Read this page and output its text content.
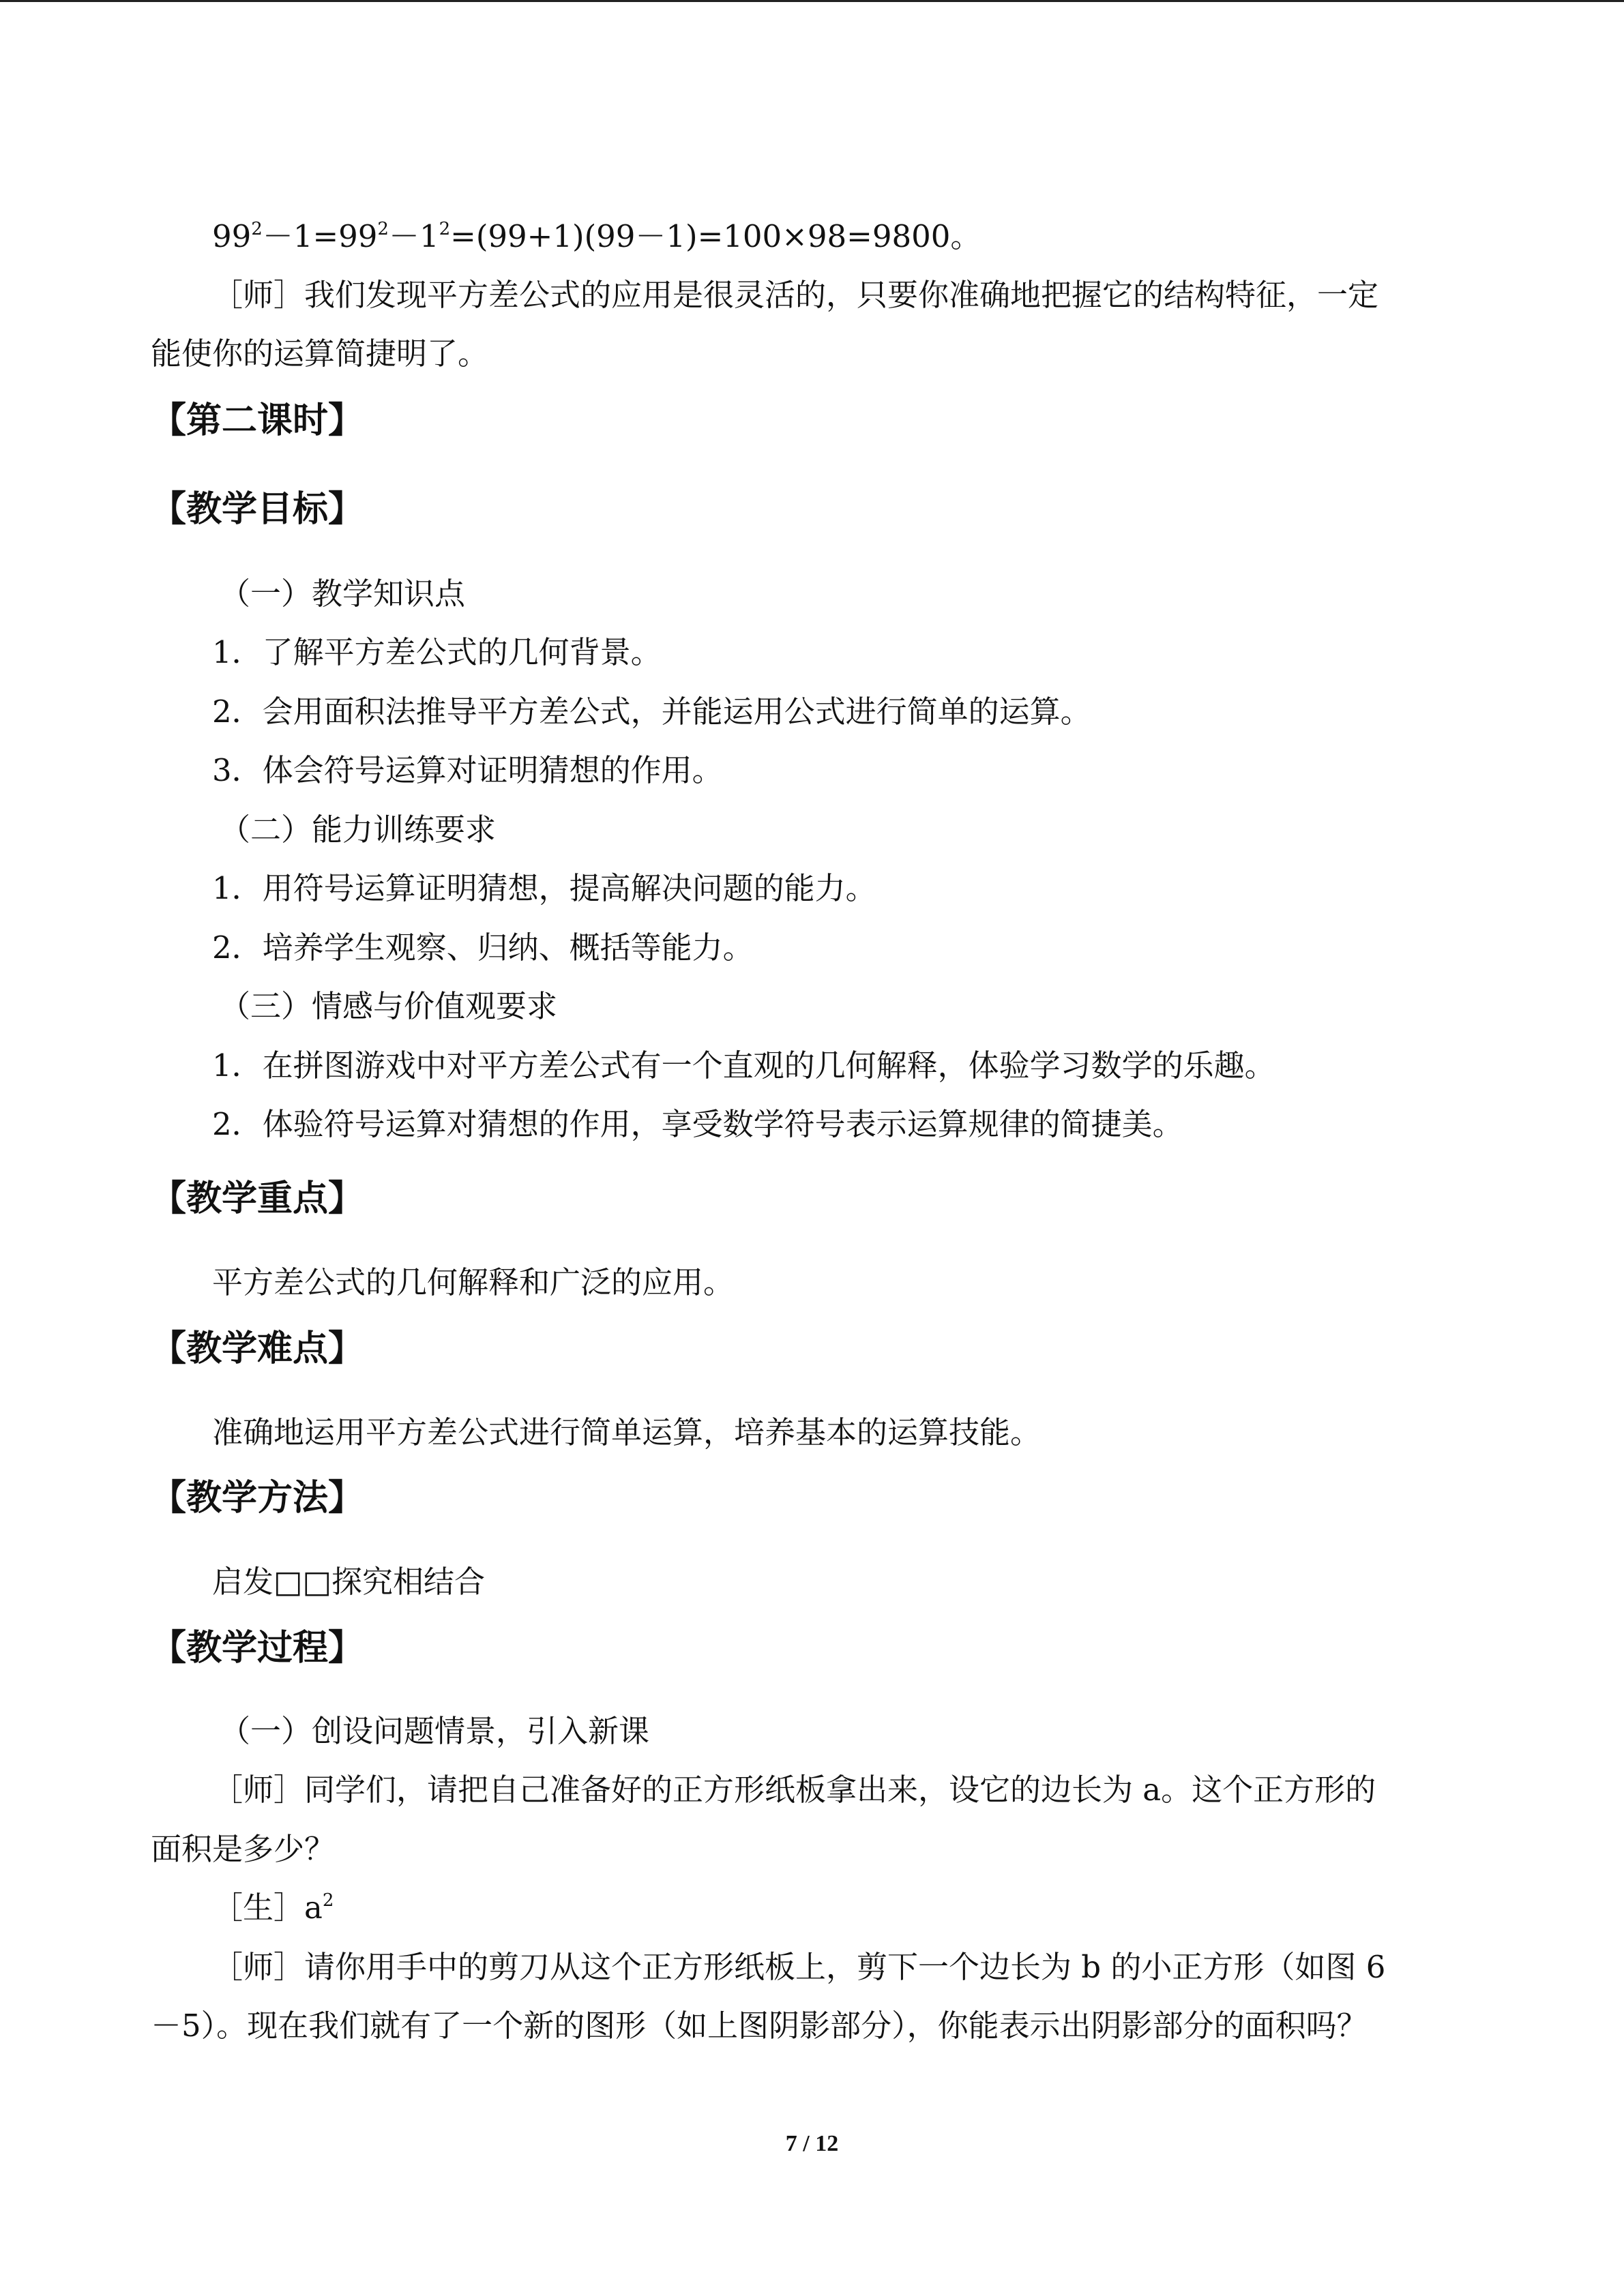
$99^2-1=99^2-1^2=(99+1)(99-1)=100\times 98=9800$。
［师］我们发现平方差公式的应用是很灵活的，只要你准确地把握它的结构特征，一定
能使你的运算简捷明了。
【第二课时】
【教学目标】
（一）教学知识点
1．了解平方差公式的几何背景。
2．会用面积法推导平方差公式，并能运用公式进行简单的运算。
3．体会符号运算对证明猜想的作用。
（二）能力训练要求
1．用符号运算证明猜想，提高解决问题的能力。
2．培养学生观察、归纳、概括等能力。
（三）情感与价值观要求
1．在拼图游戏中对平方差公式有一个直观的几何解释，体验学习数学的乐趣。
2．体验符号运算对猜想的作用，享受数学符号表示运算规律的简捷美。
【教学重点】
平方差公式的几何解释和广泛的应用。
【教学难点】
准确地运用平方差公式进行简单运算，培养基本的运算技能。
【教学方法】
启发□□探究相结合
【教学过程】
（一）创设问题情景，引入新课
［师］同学们，请把自己准备好的正方形纸板拿出来，设它的边长为 a。这个正方形的
面积是多少？
［生$]a^2$
［师］请你用手中的剪刀从这个正方形纸板上，剪下一个边长为 b 的小正方形（如图 6
－5）。现在我们就有了一个新的图形（如上图阴影部分），你能表示出阴影部分的面积吗？
7 / 12
